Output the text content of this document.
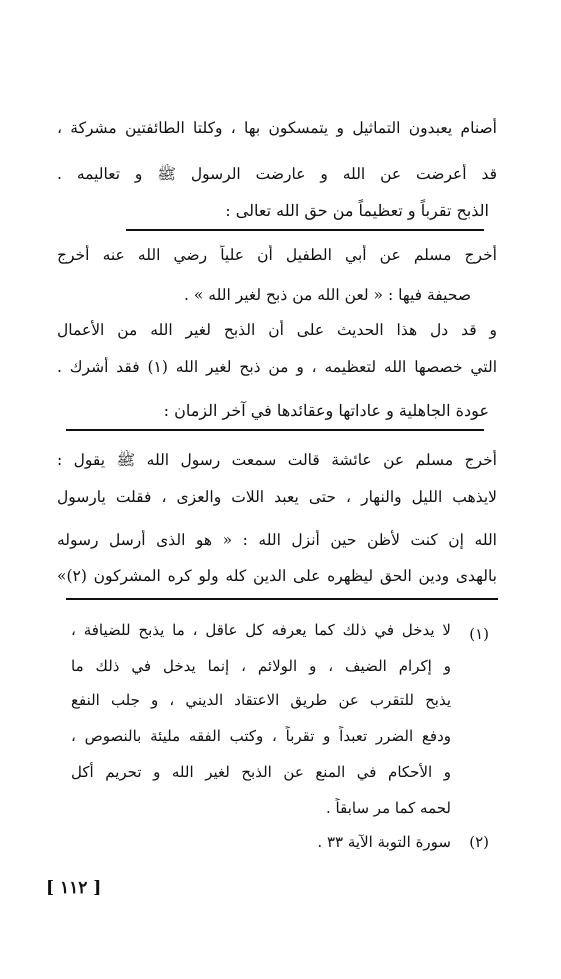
أصنام يعبدون التماثيل و يتمسكون بها ، وكلتا الطائفتين مشركة ،
قد أعرضت عن الله و عارضت الرسول ﷺ و تعاليمه .
الذبح تقرباً و تعظيماً من حق الله تعالى :
أخرج مسلم عن أبي الطفيل أن علياً رضي الله عنه أخرج
صحيفة فيها : « لعن الله من ذبح لغير الله » .
و قد دل هذا الحديث على أن الذبح لغير الله من الأعمال
التي خصصها الله لتعظيمه ، و من ذبح لغير الله (١) فقد أشرك .
عودة الجاهلية و عاداتها وعقائدها في آخر الزمان :
أخرج مسلم عن عائشة قالت سمعت رسول الله ﷺ يقول :
لايذهب الليل والنهار ، حتى يعبد اللات والعزى ، فقلت يارسول
الله إن كنت لأظن حين أنزل الله : « هو الذى أرسل رسوله
بالهدى ودين الحق ليظهره على الدين كله ولو كره المشركون (٢)»
(١)
لا يدخل في ذلك كما يعرفه كل عاقل ، ما يذبح للضيافة ،
و إكرام الضيف ، و الولائم ، إنما يدخل في ذلك ما
يذبح للتقرب عن طريق الاعتقاد الديني ، و جلب النفع
ودفع الضرر تعبداً و تقرباً ، وكتب الفقه مليئة بالنصوص ،
و الأحكام في المنع عن الذبح لغير الله و تحريم أكل
لحمه كما مر سابقاً .
(٢)
سورة التوبة الآية ٣٣ .
[ ١١٢ ]
